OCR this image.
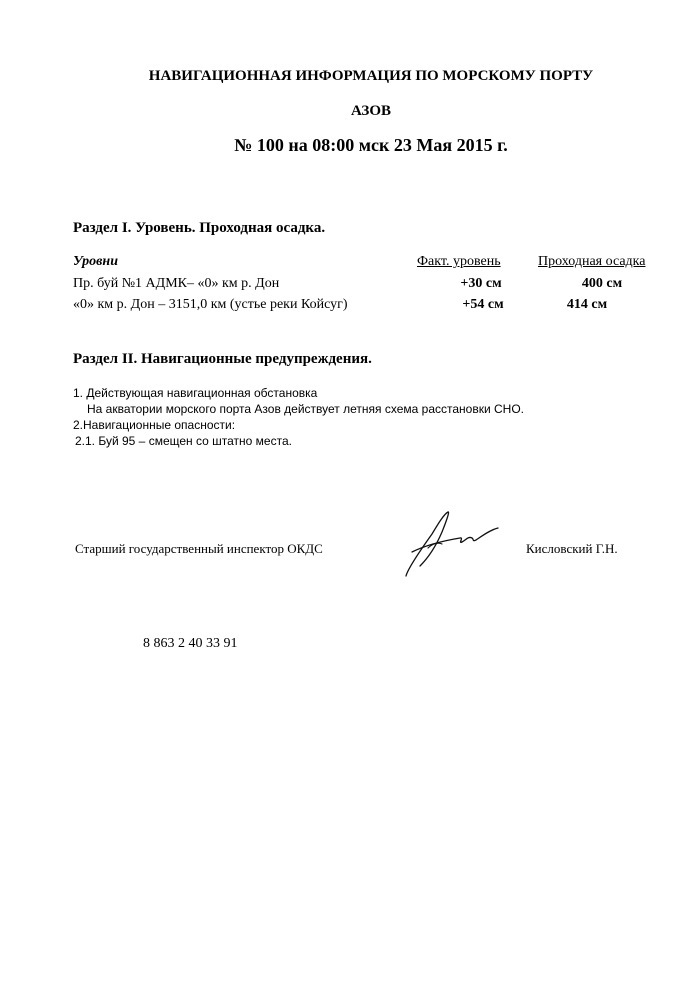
НАВИГАЦИОННАЯ ИНФОРМАЦИЯ ПО МОРСКОМУ ПОРТУ
АЗОВ
№ 100 на 08:00 мск 23 Мая 2015 г.
Раздел I. Уровень. Проходная осадка.
Уровни	Факт. уровень	Проходная осадка
Пр. буй №1 АДМК– «0» км р. Дон	+30 см	400 см
«0» км р. Дон – 3151,0 км (устье реки Койсуг)	+54 см	414 см
Раздел II. Навигационные предупреждения.
1. Действующая навигационная обстановка
На акватории морского порта Азов действует летняя схема расстановки СНО.
2.Навигационные опасности:
2.1. Буй 95 – смещен со штатно места.
Старший государственный инспектор ОКДС	Кисловский Г.Н.
8 863 2 40 33 91
